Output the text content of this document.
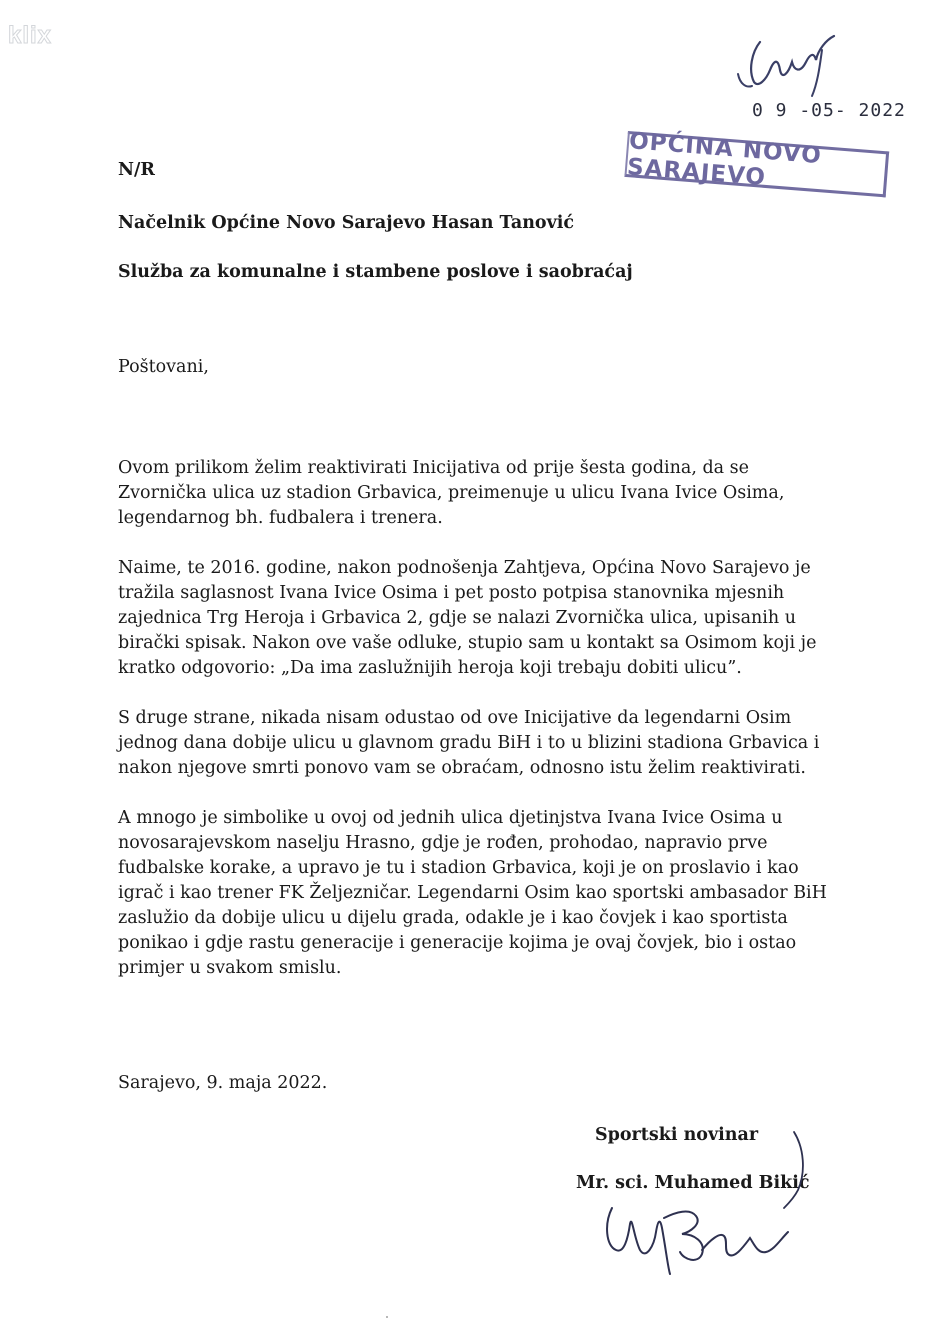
klix
0 9 -05- 2022
OPĆINA NOVO SARAJEVO

N/R

Načelnik Općine Novo Sarajevo Hasan Tanović

Služba za komunalne i stambene poslove i saobraćaj

Poštovani,

Ovom prilikom želim reaktivirati Inicijativa od prije šesta godina, da se Zvornička ulica uz stadion Grbavica, preimenuje u ulicu Ivana Ivice Osima, legendarnog bh. fudbalera i trenera.

Naime, te 2016. godine, nakon podnošenja Zahtjeva, Općina Novo Sarajevo je tražila saglasnost Ivana Ivice Osima i pet posto potpisa stanovnika mjesnih zajednica Trg Heroja i Grbavica 2, gdje se nalazi Zvornička ulica, upisanih u birački spisak. Nakon ove vaše odluke, stupio sam u kontakt sa Osimom koji je kratko odgovorio: „Da ima zaslužnijih heroja koji trebaju dobiti ulicu”.

S druge strane, nikada nisam odustao od ove Inicijative da legendarni Osim jednog dana dobije ulicu u glavnom gradu BiH i to u blizini stadiona Grbavica i nakon njegove smrti ponovo vam se obraćam, odnosno istu želim reaktivirati.

A mnogo je simbolike u ovoj od jednih ulica djetinjstva Ivana Ivice Osima u novosarajevskom naselju Hrasno, gdje je rođen, prohodao, napravio prve fudbalske korake, a upravo je tu i stadion Grbavica, koji je on proslavio i kao igrač i kao trener FK Željezničar. Legendarni Osim kao sportski ambasador BiH zaslužio da dobije ulicu u dijelu grada, odakle je i kao čovjek i kao sportista ponikao i gdje rastu generacije i generacije kojima je ovaj čovjek, bio i ostao primjer u svakom smislu.

Sarajevo, 9. maja 2022.

Sportski novinar
Mr. sci. Muhamed Bikić
